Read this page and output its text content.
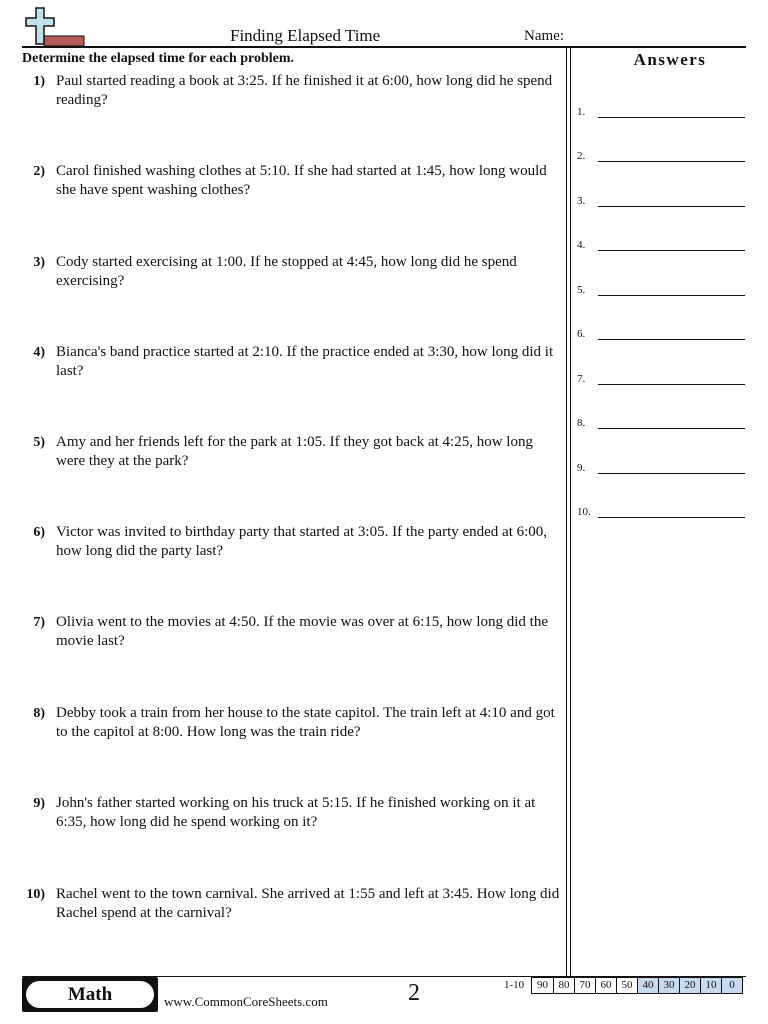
Finding Elapsed Time	Name:
Determine the elapsed time for each problem.
1) Paul started reading a book at 3:25. If he finished it at 6:00, how long did he spend reading?
2) Carol finished washing clothes at 5:10. If she had started at 1:45, how long would she have spent washing clothes?
3) Cody started exercising at 1:00. If he stopped at 4:45, how long did he spend exercising?
4) Bianca's band practice started at 2:10. If the practice ended at 3:30, how long did it last?
5) Amy and her friends left for the park at 1:05. If they got back at 4:25, how long were they at the park?
6) Victor was invited to birthday party that started at 3:05. If the party ended at 6:00, how long did the party last?
7) Olivia went to the movies at 4:50. If the movie was over at 6:15, how long did the movie last?
8) Debby took a train from her house to the state capitol. The train left at 4:10 and got to the capitol at 8:00. How long was the train ride?
9) John's father started working on his truck at 5:15. If he finished working on it at 6:35, how long did he spend working on it?
10) Rachel went to the town carnival. She arrived at 1:55 and left at 3:45. How long did Rachel spend at the carnival?
Answers
1.
2.
3.
4.
5.
6.
7.
8.
9.
10.
Math	www.CommonCoreSheets.com	2	1-10	90 80 70 60 50 40 30 20 10	0
